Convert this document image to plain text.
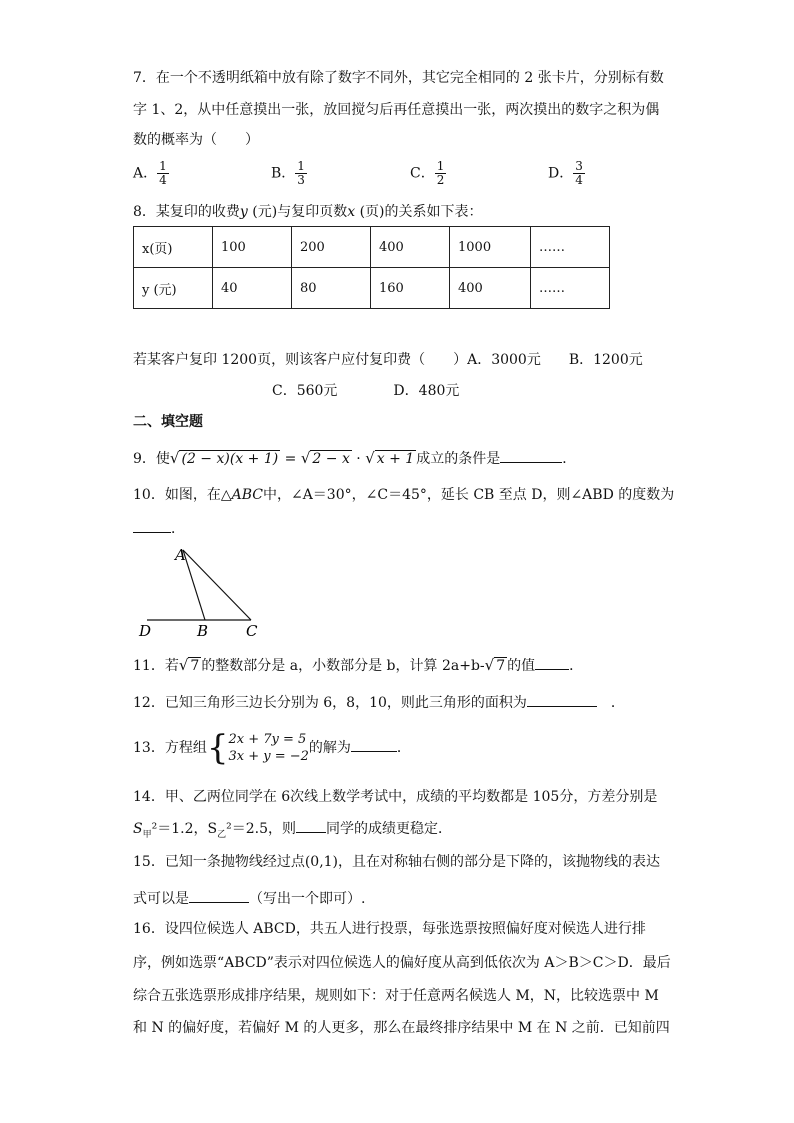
7．在一个不透明纸箱中放有除了数字不同外，其它完全相同的 2 张卡片，分别标有数
字 1、2，从中任意摸出一张，放回搅匀后再任意摸出一张，两次摸出的数字之积为偶
数的概率为（　　）
A． $\frac{1}{4}$	B． $\frac{1}{3}$	C． $\frac{1}{2}$	D． $\frac{3}{4}$
8．某复印的收费y (元)与复印页数x (页)的关系如下表：
x(页)	100	200	400	1000	……
y (元)	40	80	160	400	……
若某客户复印 1200页，则该客户应付复印费（　　）A．3000元　　B．1200元
C．560元　　　　D．480元
二、填空题
9．使√ (2 − x)(x + 1) = √ 2 − x · √ x + 1 成立的条件是	．
10．如图，在△ABC中，∠A＝30°，∠C＝45°，延长 CB 至点 D，则∠ABD 的度数为
．
A
D	B	C
11．若√ 7 的整数部分是 a，小数部分是 b，计算 2a+b-√ 7 的值 ．
12．已知三角形三边长分别为 6，8，10，则此三角形的面积为	　．
13．方程组{ 2x + 7y = 5
3x + y = −2
的解为	．
14．甲、乙两位同学在 6次线上数学考试中，成绩的平均数都是 105分，方差分别是
$S_甲^2=1.2$，$S_乙^2=2.5$，则 同学的成绩更稳定．
15．已知一条抛物线经过点(0,1)，且在对称轴右侧的部分是下降的，该抛物线的表达
式可以是	（写出一个即可）.
16．设四位候选人 ABCD，共五人进行投票，每张选票按照偏好度对候选人进行排
序，例如选票“ABCD”表示对四位候选人的偏好度从高到低依次为 A＞B＞C＞D．最后
综合五张选票形成排序结果，规则如下：对于任意两名候选人 M，N，比较选票中 M
和 N 的偏好度，若偏好 M 的人更多，那么在最终排序结果中 M 在 N 之前．已知前四
